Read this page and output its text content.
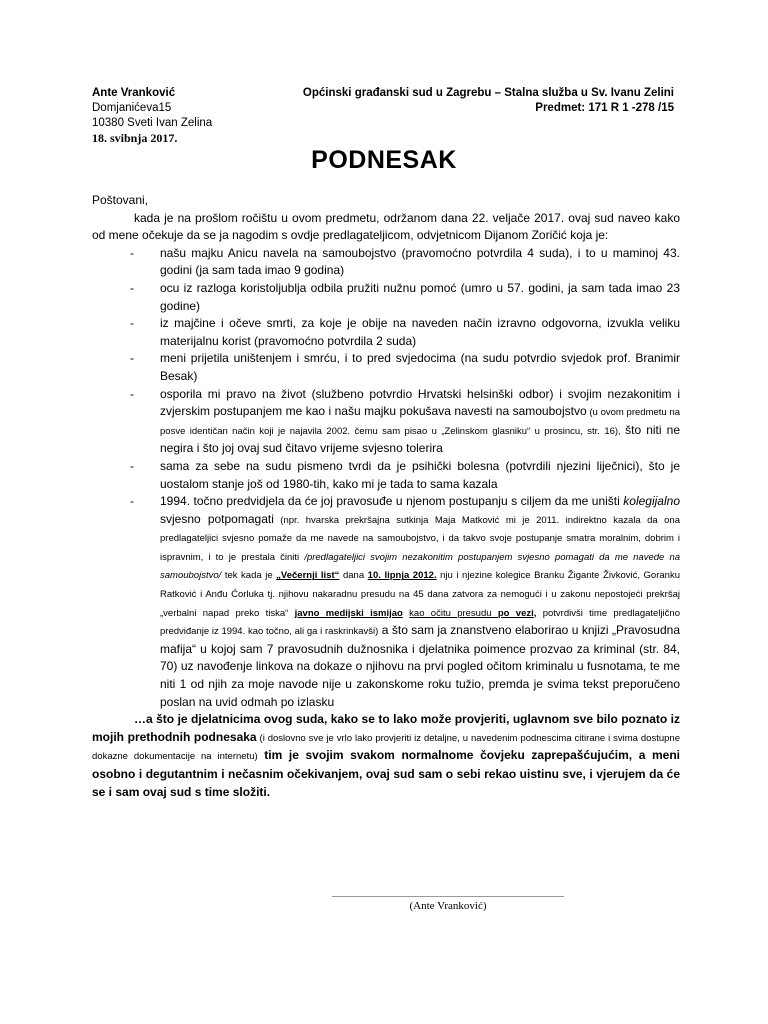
Ante Vranković
Domjanićeva15
10380 Sveti Ivan Zelina
18. svibnja 2017.
Općinski građanski sud u Zagrebu – Stalna služba u Sv. Ivanu Zelini
Predmet: 171 R 1 -278 /15
PODNESAK

Poštovani,

kada je na prošlom ročištu u ovom predmetu, održanom dana 22. veljače 2017. ovaj sud naveo kako od mene očekuje da se ja nagodim s ovdje predlagateljicom, odvjetnicom Dijanom Zoričić koja je:

- našu majku Anicu navela na samoubojstvo (pravomoćno potvrdila 4 suda), i to u maminoj 43. godini (ja sam tada imao 9 godina)
- ocu iz razloga koristoljublja odbila pružiti nužnu pomoć (umro u 57. godini, ja sam tada imao 23 godine)
- iz majčine i očeve smrti, za koje je obije na naveden način izravno odgovorna, izvukla veliku materijalnu korist (pravomoćno potvrdila 2 suda)
- meni prijetila uništenjem i smrću, i to pred svjedocima (na sudu potvrdio svjedok prof. Branimir Besak)
- osporila mi pravo na život (službeno potvrdio Hrvatski helsinški odbor) i svojim nezakonitim i zvjerskim postupanjem me kao i našu majku pokušava navesti na samoubojstvo (u ovom predmetu na posve identičan način koji je najavila 2002. čemu sam pisao u „Zelinskom glasniku“ u prosincu, str. 16), što niti ne negira i što joj ovaj sud čitavo vrijeme svjesno tolerira
- sama za sebe na sudu pismeno tvrdi da je psihički bolesna (potvrdili njezini liječnici), što je uostalom stanje još od 1980-tih, kako mi je tada to sama kazala
- 1994. točno predvidjela da će joj pravosuđe u njenom postupanju s ciljem da me uništi kolegijalno svjesno potpomagati (npr. hvarska prekršajna sutkinja Maja Matković mi je 2011. indirektno kazala da ona predlagateljici svjesno pomaže da me navede na samoubojstvo, i da takvo svoje postupanje smatra moralnim, dobrim i ispravnim, i to je prestala činiti /predlagateljici svojim nezakonitim postupanjem svjesno pomagati da me navede na samoubojstvo/ tek kada je „Večernji list“ dana 10. lipnja 2012. nju i njezine kolegice Branku Žigante Živković, Goranku Ratković i Anđu Ćorluka tj. njihovu nakaradnu presudu na 45 dana zatvora za nemogući i u zakonu nepostojeći prekršaj „verbalni napad preko tiska“ javno medijski ismijao kao očitu presudu po vezi, potvrdivši time predlagateljično predviđanje iz 1994. kao točno, ali ga i raskrinkavši) a što sam ja znanstveno elaborirao u knjizi „Pravosudna mafija“ u kojoj sam 7 pravosudnih dužnosnika i djelatnika poimence prozvao za kriminal (str. 84, 70) uz navođenje linkova na dokaze o njihovu na prvi pogled očitom kriminalu u fusnotama, te me niti 1 od njih za moje navode nije u zakonskome roku tužio, premda je svima tekst preporučeno poslan na uvid odmah po izlasku

…a što je djelatnicima ovog suda, kako se to lako može provjeriti, uglavnom sve bilo poznato iz mojih prethodnih podnesaka (i doslovno sve je vrlo lako provjeriti iz detaljne, u navedenim podnescima citirane i svima dostupne dokazne dokumentacije na internetu) tim je svojim svakom normalnome čovjeku zaprepašćujućim, a meni osobno i degutantnim i nečasnim očekivanjem, ovaj sud sam o sebi rekao uistinu sve, i vjerujem da će se i sam ovaj sud s time složiti.

(Ante Vranković)
